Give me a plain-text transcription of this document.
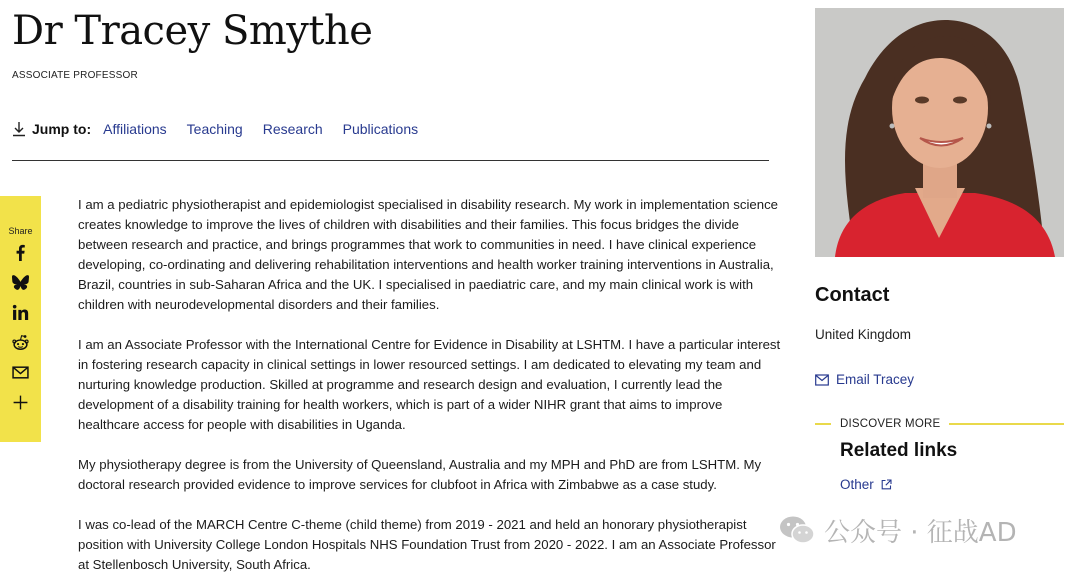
Dr Tracey Smythe
ASSOCIATE PROFESSOR
Jump to: Affiliations Teaching Research Publications
Share

I am a pediatric physiotherapist and epidemiologist specialised in disability research. My work in implementation science creates knowledge to improve the lives of children with disabilities and their families. This focus bridges the divide between research and practice, and brings programmes that work to communities in need. I have clinical experience developing, co-ordinating and delivering rehabilitation interventions and health worker training interventions in Australia, Brazil, countries in sub-Saharan Africa and the UK. I specialised in paediatric care, and my main clinical work is with children with neurodevelopmental disorders and their families.

I am an Associate Professor with the International Centre for Evidence in Disability at LSHTM. I have a particular interest in fostering research capacity in clinical settings in lower resourced settings. I am dedicated to elevating my team and nurturing knowledge production. Skilled at programme and research design and evaluation, I currently lead the development of a disability training for health workers, which is part of a wider NIHR grant that aims to improve healthcare access for people with disabilities in Uganda.

My physiotherapy degree is from the University of Queensland, Australia and my MPH and PhD are from LSHTM. My doctoral research provided evidence to improve services for clubfoot in Africa with Zimbabwe as a case study.

I was co-lead of the MARCH Centre C-theme (child theme) from 2019 - 2021 and held an honorary physiotherapist position with University College London Hospitals NHS Foundation Trust from 2020 - 2022. I am an Associate Professor at Stellenbosch University, South Africa.

Contact
United Kingdom
Email Tracey
DISCOVER MORE
Related links
Other
公众号 · 征战AD
